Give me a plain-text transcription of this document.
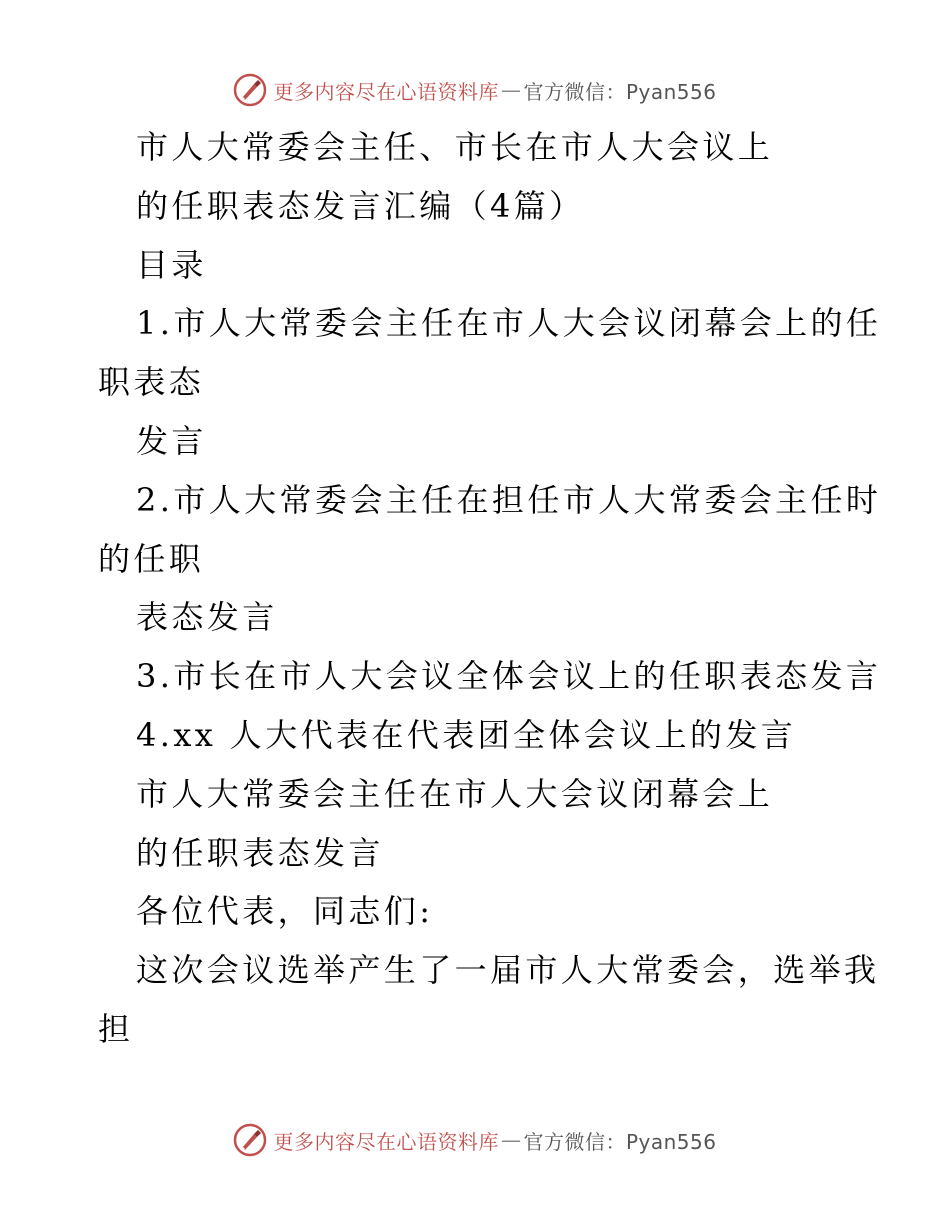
更多内容尽在心语资料库 — 官方微信：Pyan556
市人大常委会主任、市长在市人大会议上
的任职表态发言汇编（4篇）
目录
1.市人大常委会主任在市人大会议闭幕会上的任
职表态
发言
2.市人大常委会主任在担任市人大常委会主任时
的任职
表态发言
3.市长在市人大会议全体会议上的任职表态发言
4.xx 人大代表在代表团全体会议上的发言
市人大常委会主任在市人大会议闭幕会上
的任职表态发言
各位代表，同志们:
这次会议选举产生了一届市人大常委会，选举我
担
更多内容尽在心语资料库 — 官方微信：Pyan556
